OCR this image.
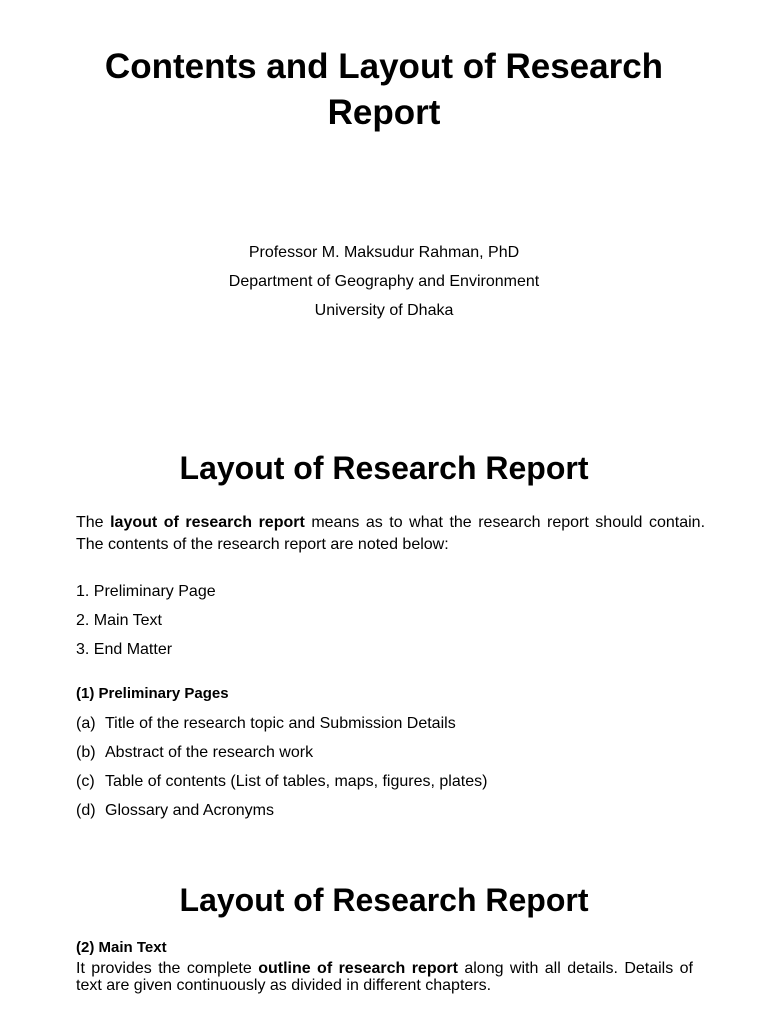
Contents and Layout of Research
Report
Professor M. Maksudur Rahman, PhD
Department of Geography and Environment
University of Dhaka
Layout of Research Report
The layout of research report means as to what the research report should contain. The contents of the research report are noted below:
1. Preliminary Page
2. Main Text
3. End Matter
(1) Preliminary Pages
(a) Title of the research topic and Submission Details
(b) Abstract of the research work
(c) Table of contents (List of tables, maps, figures, plates)
(d) Glossary and Acronyms
Layout of Research Report
(2) Main Text
It provides the complete outline of research report along with all details. Details of text are given continuously as divided in different chapters.
